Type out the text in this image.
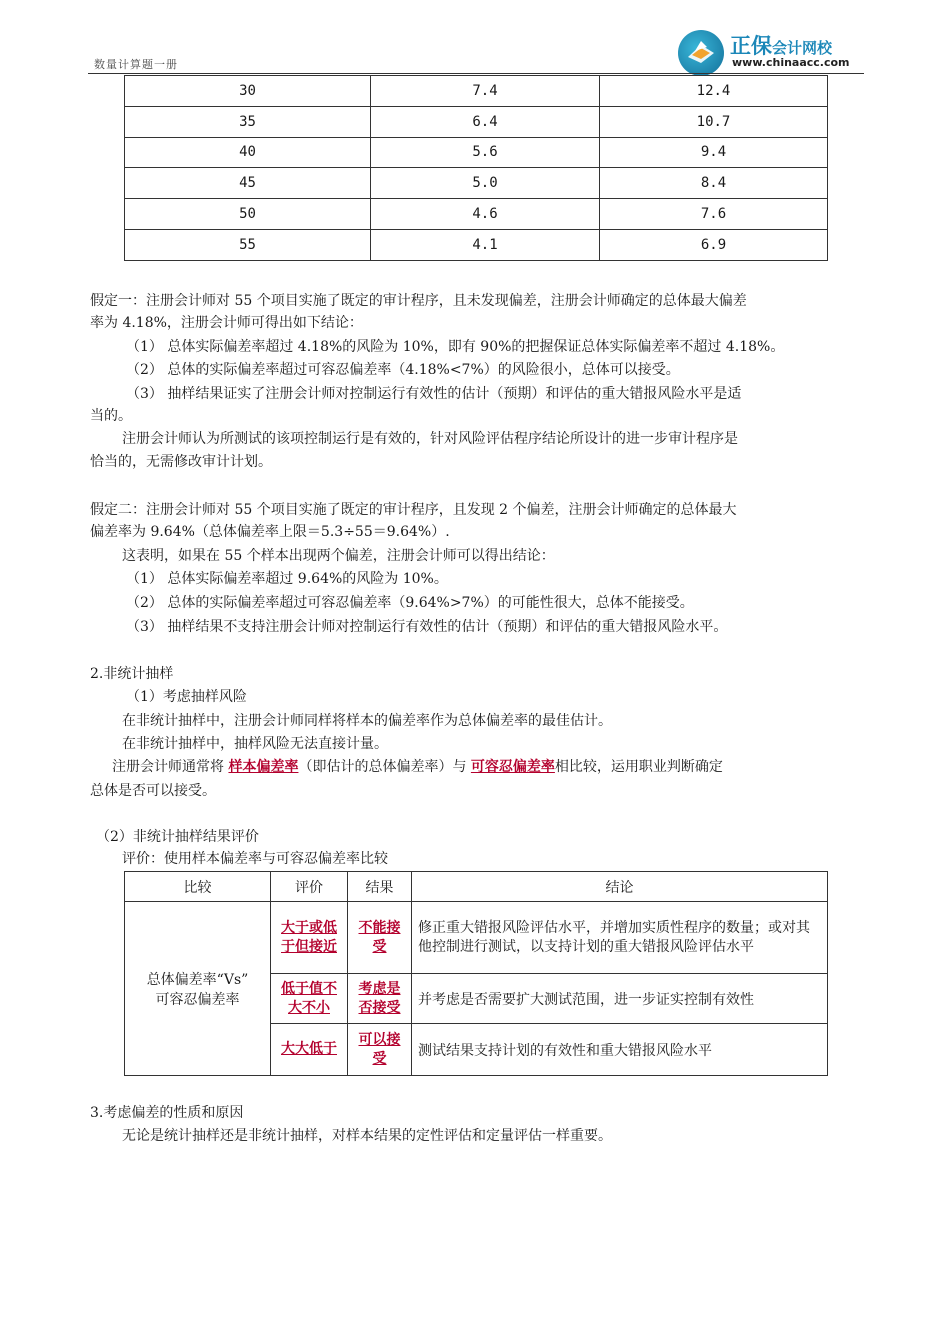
数量计算题一册
正保会计网校
www.chinaacc.com
30	7.4	12.4
35	6.4	10.7
40	5.6	9.4
45	5.0	8.4
50	4.6	7.6
55	4.1	6.9
假定一：注册会计师对 55 个项目实施了既定的审计程序，且未发现偏差，注册会计师确定的总体最大偏差
率为 4.18%，注册会计师可得出如下结论：
（1） 总体实际偏差率超过 4.18%的风险为 10%，即有 90%的把握保证总体实际偏差率不超过 4.18%。
（2） 总体的实际偏差率超过可容忍偏差率（4.18%<7%）的风险很小，总体可以接受。
（3） 抽样结果证实了注册会计师对控制运行有效性的估计（预期）和评估的重大错报风险水平是适
当的。
注册会计师认为所测试的该项控制运行是有效的，针对风险评估程序结论所设计的进一步审计程序是
恰当的，无需修改审计计划。
假定二：注册会计师对 55 个项目实施了既定的审计程序，且发现 2 个偏差，注册会计师确定的总体最大
偏差率为 9.64%（总体偏差率上限＝5.3÷55＝9.64%）.
这表明，如果在 55 个样本出现两个偏差，注册会计师可以得出结论：
（1） 总体实际偏差率超过 9.64%的风险为 10%。
（2） 总体的实际偏差率超过可容忍偏差率（9.64%>7%）的可能性很大，总体不能接受。
（3） 抽样结果不支持注册会计师对控制运行有效性的估计（预期）和评估的重大错报风险水平。
2.非统计抽样
（1）考虑抽样风险
在非统计抽样中，注册会计师同样将样本的偏差率作为总体偏差率的最佳估计。
在非统计抽样中，抽样风险无法直接计量。
注册会计师通常将 样本偏差率（即估计的总体偏差率）与 可容忍偏差率相比较，运用职业判断确定
总体是否可以接受。
（2）非统计抽样结果评价
评价：使用样本偏差率与可容忍偏差率比较
比较	评价	结果	结论

总体偏差率“Vs”
可容忍偏差率	大于或低于但接近	不能接受	修正重大错报风险评估水平，并增加实质性程序的数量；或对其他控制进行测试，以支持计划的重大错报风险评估水平
	低于值不大不小	考虑是否接受	并考虑是否需要扩大测试范围，进一步证实控制有效性
	大大低于	可以接受	测试结果支持计划的有效性和重大错报风险水平
3.考虑偏差的性质和原因
无论是统计抽样还是非统计抽样，对样本结果的定性评估和定量评估一样重要。
